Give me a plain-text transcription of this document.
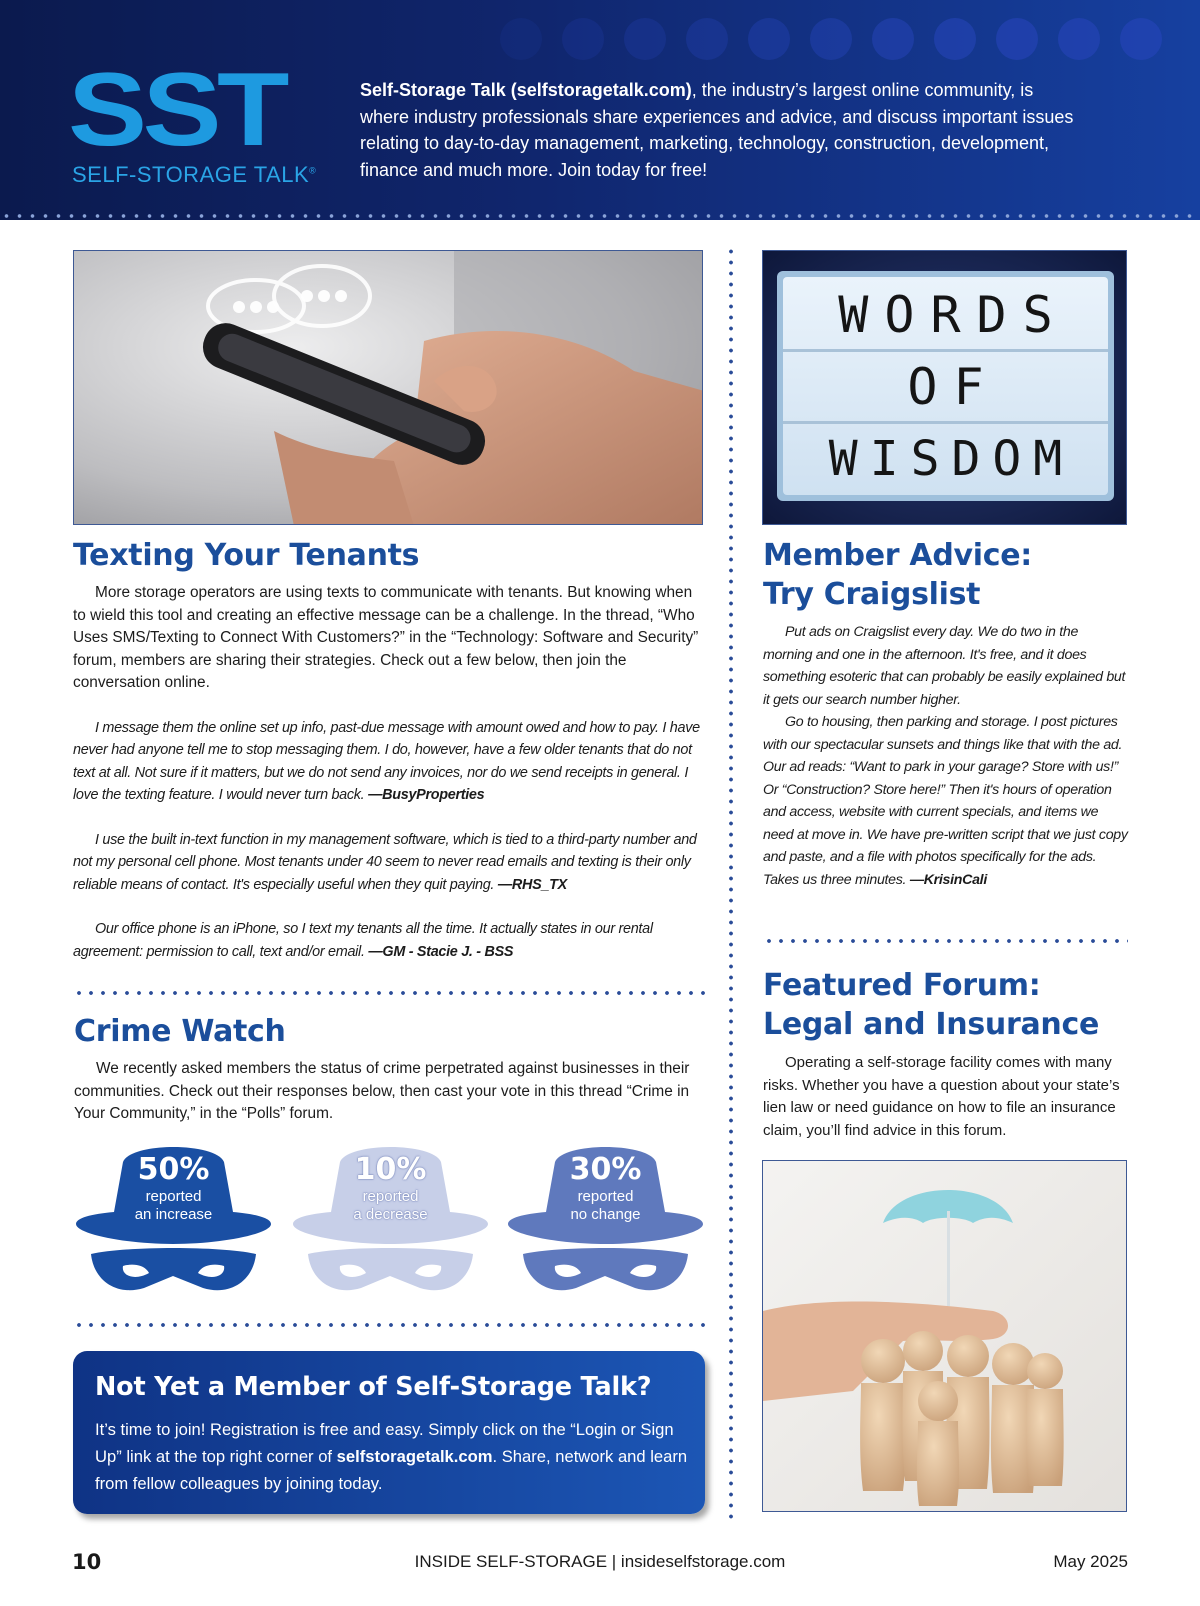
SST
SELF-STORAGE TALK®
Self-Storage Talk (selfstoragetalk.com), the industry’s largest online community, is where industry professionals share experiences and advice, and discuss important issues relating to day-to-day management, marketing, technology, construction, development, finance and much more. Join today for free!
Texting Your Tenants

More storage operators are using texts to communicate with tenants. But knowing when to wield this tool and creating an effective message can be a challenge. In the thread, “Who Uses SMS/Texting to Connect With Customers?” in the “Technology: Software and Security” forum, members are sharing their strategies. Check out a few below, then join the conversation online.

I message them the online set up info, past-due message with amount owed and how to pay. I have never had anyone tell me to stop messaging them. I do, however, have a few older tenants that do not text at all. Not sure if it matters, but we do not send any invoices, nor do we send receipts in general. I love the texting feature. I would never turn back. —BusyProperties

I use the built in-text function in my management software, which is tied to a third-party number and not my personal cell phone. Most tenants under 40 seem to never read emails and texting is their only reliable means of contact. It's especially useful when they quit paying. —RHS_TX

Our office phone is an iPhone, so I text my tenants all the time. It actually states in our rental agreement: permission to call, text and/or email. —GM - Stacie J. - BSS

Crime Watch

We recently asked members the status of crime perpetrated against businesses in their communities. Check out their responses below, then cast your vote in this thread “Crime in Your Community,” in the “Polls” forum.

50%
reported
an increase
10%
reported
a decrease
30%
reported
no change
Not Yet a Member of Self-Storage Talk?
It’s time to join! Registration is free and easy. Simply click on the “Login or Sign Up” link at the top right corner of selfstoragetalk.com. Share, network and learn from fellow colleagues by joining today.
WORDS
OF
WISDOM
Member Advice:
Try Craigslist

Put ads on Craigslist every day. We do two in the morning and one in the afternoon. It's free, and it does something esoteric that can probably be easily explained but it gets our search number higher.

Go to housing, then parking and storage. I post pictures with our spectacular sunsets and things like that with the ad. Our ad reads: “Want to park in your garage? Store with us!” Or “Construction? Store here!” Then it's hours of operation and access, website with current specials, and items we need at move in. We have pre-written script that we just copy and paste, and a file with photos specifically for the ads. Takes us three minutes. —KrisinCali

Featured Forum:
Legal and Insurance

Operating a self-storage facility comes with many risks. Whether you have a question about your state’s lien law or need guidance on how to file an insurance claim, you’ll find advice in this forum.

10	INSIDE SELF-STORAGE | insideselfstorage.com	May 2025
